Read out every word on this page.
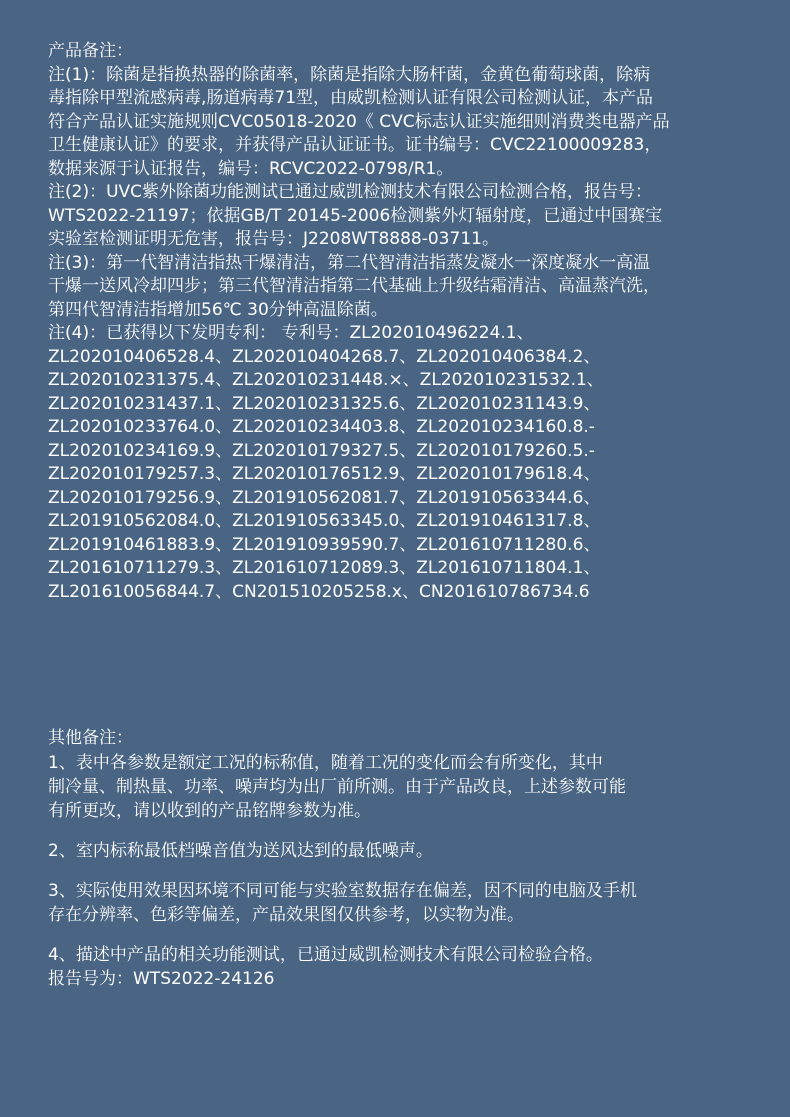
产品备注：
注(1)：除菌是指换热器的除菌率，除菌是指除大肠杆菌，金黄色葡萄球菌，除病
毒指除甲型流感病毒,肠道病毒71型，由威凯检测认证有限公司检测认证，本产品
符合产品认证实施规则CVC05018-2020《 CVC标志认证实施细则消费类电器产品
卫生健康认证》的要求，并获得产品认证证书。证书编号：CVC22100009283，
数据来源于认证报告，编号：RCVC2022-0798/R1。
注(2)：UVC紫外除菌功能测试已通过威凯检测技术有限公司检测合格，报告号：
WTS2022-21197；依据GB/T 20145-2006检测紫外灯辐射度，已通过中国赛宝
实验室检测证明无危害，报告号：J2208WT8888-03711。
注(3)：第一代智清洁指热干爆清洁，第二代智清洁指蒸发凝水一深度凝水一高温
干爆一送风冷却四步；第三代智清洁指第二代基础上升级结霜清洁、高温蒸汽洗，
第四代智清洁指增加56℃ 30分钟高温除菌。
注(4)：已获得以下发明专利： 专利号：ZL202010496224.1、
ZL202010406528.4、ZL202010404268.7、ZL202010406384.2、
ZL202010231375.4、ZL202010231448.×、ZL202010231532.1、
ZL202010231437.1、ZL202010231325.6、ZL202010231143.9、
ZL202010233764.0、ZL202010234403.8、ZL202010234160.8.-
ZL202010234169.9、ZL202010179327.5、ZL202010179260.5.-
ZL202010179257.3、ZL202010176512.9、ZL202010179618.4、
ZL202010179256.9、ZL201910562081.7、ZL201910563344.6、
ZL201910562084.0、ZL201910563345.0、ZL201910461317.8、
ZL201910461883.9、ZL201910939590.7、ZL201610711280.6、
ZL201610711279.3、ZL201610712089.3、ZL201610711804.1、
ZL201610056844.7、CN201510205258.x、CN201610786734.6
其他备注：
1、表中各参数是额定工况的标称值，随着工况的变化而会有所变化，其中
制冷量、制热量、功率、噪声均为出厂前所测。由于产品改良，上述参数可能
有所更改，请以收到的产品铭牌参数为准。
2、室内标称最低档噪音值为送风达到的最低噪声。
3、实际使用效果因环境不同可能与实验室数据存在偏差，因不同的电脑及手机
存在分辨率、色彩等偏差，产品效果图仅供参考，以实物为准。
4、描述中产品的相关功能测试，已通过威凯检测技术有限公司检验合格。
报告号为：WTS2022-24126
